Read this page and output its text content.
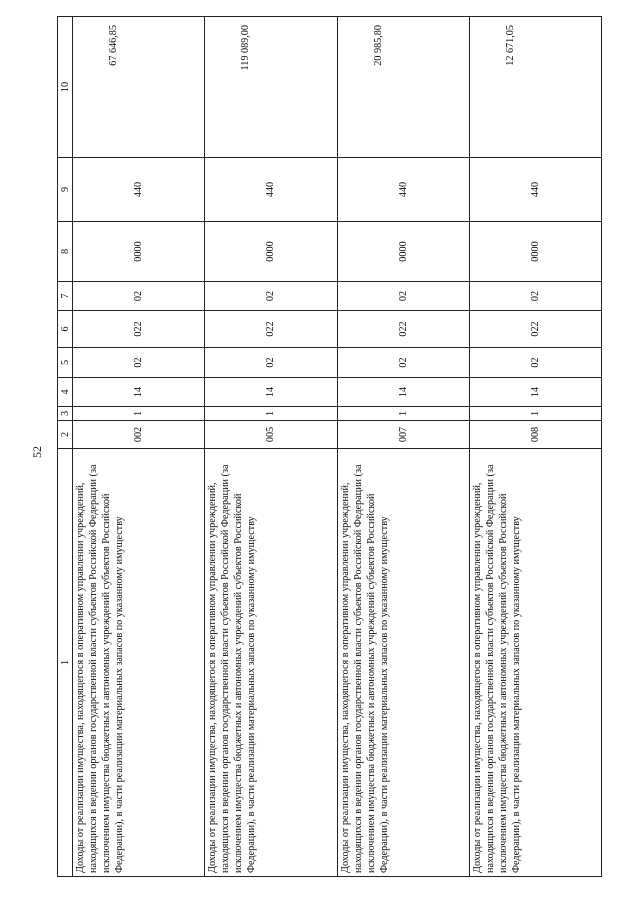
52
1	2	3	4	5	6	7	8	9	10
Доходы от реализации имущества, находящегося в оперативном управлении учреждений, находящихся в ведении органов государственной власти субъектов Российской Федерации (за исключением имущества бюджетных и автономных учреждений субъектов Российской Федерации), в части реализации материальных запасов по указанному имуществу	002	1	14	02	022	02	0000	440	67 646,85
Доходы от реализации имущества, находящегося в оперативном управлении учреждений, находящихся в ведении органов государственной власти субъектов Российской Федерации (за исключением имущества бюджетных и автономных учреждений субъектов Российской Федерации), в части реализации материальных запасов по указанному имуществу	005	1	14	02	022	02	0000	440	119 089,00
Доходы от реализации имущества, находящегося в оперативном управлении учреждений, находящихся в ведении органов государственной власти субъектов Российской Федерации (за исключением имущества бюджетных и автономных учреждений субъектов Российской Федерации), в части реализации материальных запасов по указанному имуществу	007	1	14	02	022	02	0000	440	20 985,80
Доходы от реализации имущества, находящегося в оперативном управлении учреждений, находящихся в ведении органов государственной власти субъектов Российской Федерации (за исключением имущества бюджетных и автономных учреждений субъектов Российской Федерации), в части реализации материальных запасов по указанному имуществу	008	1	14	02	022	02	0000	440	12 671,05
